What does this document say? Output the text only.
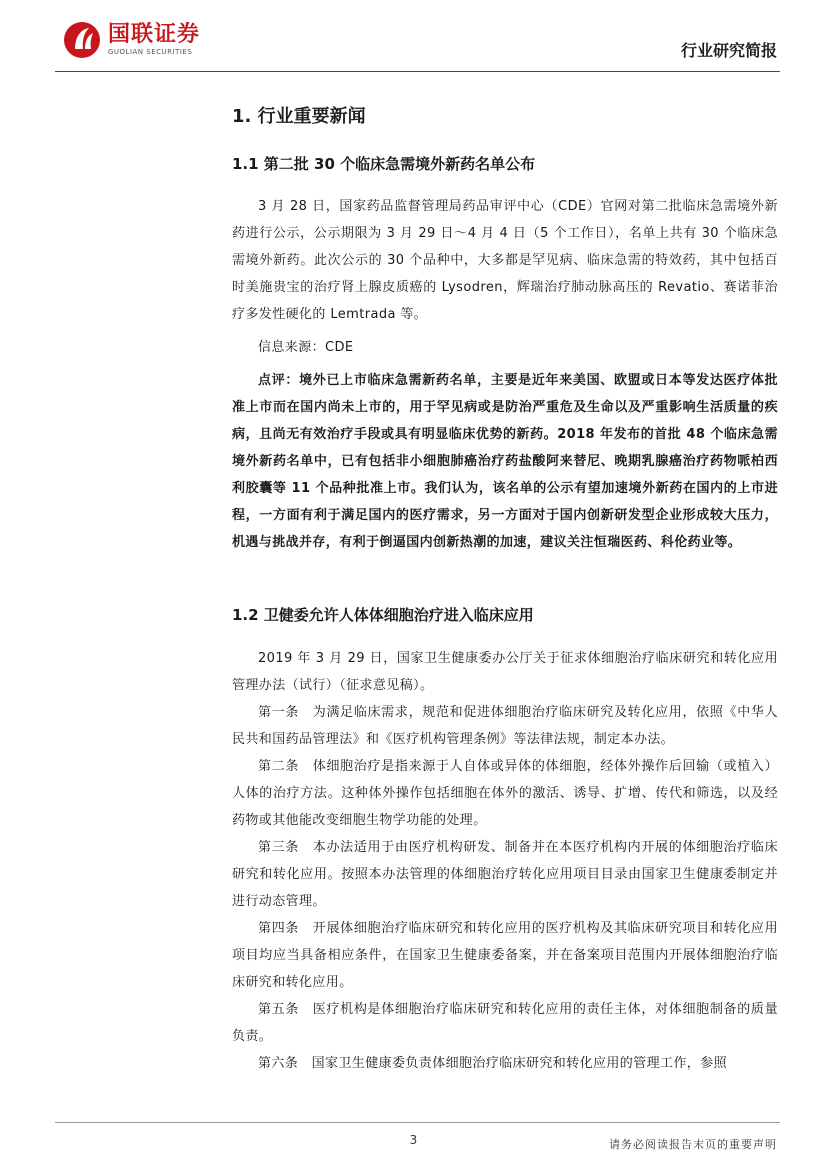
国联证券
GUOLIAN SECURITIES	行业研究简报
1. 行业重要新闻
1.1 第二批 30 个临床急需境外新药名单公布

3 月 28 日，国家药品监督管理局药品审评中心（CDE）官网对第二批临床急需境外新药进行公示，公示期限为 3 月 29 日～4 月 4 日（5 个工作日），名单上共有 30 个临床急需境外新药。此次公示的 30 个品种中，大多都是罕见病、临床急需的特效药，其中包括百时美施贵宝的治疗肾上腺皮质癌的 Lysodren，辉瑞治疗肺动脉高压的 Revatio、赛诺菲治疗多发性硬化的 Lemtrada 等。

信息来源：CDE

点评：境外已上市临床急需新药名单，主要是近年来美国、欧盟或日本等发达医疗体批准上市而在国内尚未上市的，用于罕见病或是防治严重危及生命以及严重影响生活质量的疾病，且尚无有效治疗手段或具有明显临床优势的新药。2018 年发布的首批 48 个临床急需境外新药名单中，已有包括非小细胞肺癌治疗药盐酸阿来替尼、晚期乳腺癌治疗药物哌柏西利胶囊等 11 个品种批准上市。我们认为，该名单的公示有望加速境外新药在国内的上市进程，一方面有利于满足国内的医疗需求，另一方面对于国内创新研发型企业形成较大压力，机遇与挑战并存，有利于倒逼国内创新热潮的加速，建议关注恒瑞医药、科伦药业等。

1.2 卫健委允许人体体细胞治疗进入临床应用

2019 年 3 月 29 日，国家卫生健康委办公厅关于征求体细胞治疗临床研究和转化应用管理办法（试行）（征求意见稿）。

第一条　为满足临床需求，规范和促进体细胞治疗临床研究及转化应用，依照《中华人民共和国药品管理法》和《医疗机构管理条例》等法律法规，制定本办法。

第二条　体细胞治疗是指来源于人自体或异体的体细胞，经体外操作后回输（或植入）人体的治疗方法。这种体外操作包括细胞在体外的激活、诱导、扩增、传代和筛选，以及经药物或其他能改变细胞生物学功能的处理。

第三条　本办法适用于由医疗机构研发、制备并在本医疗机构内开展的体细胞治疗临床研究和转化应用。按照本办法管理的体细胞治疗转化应用项目目录由国家卫生健康委制定并进行动态管理。

第四条　开展体细胞治疗临床研究和转化应用的医疗机构及其临床研究项目和转化应用项目均应当具备相应条件，在国家卫生健康委备案，并在备案项目范围内开展体细胞治疗临床研究和转化应用。

第五条　医疗机构是体细胞治疗临床研究和转化应用的责任主体，对体细胞制备的质量负责。

第六条　国家卫生健康委负责体细胞治疗临床研究和转化应用的管理工作，参照

3	请务必阅读报告末页的重要声明
